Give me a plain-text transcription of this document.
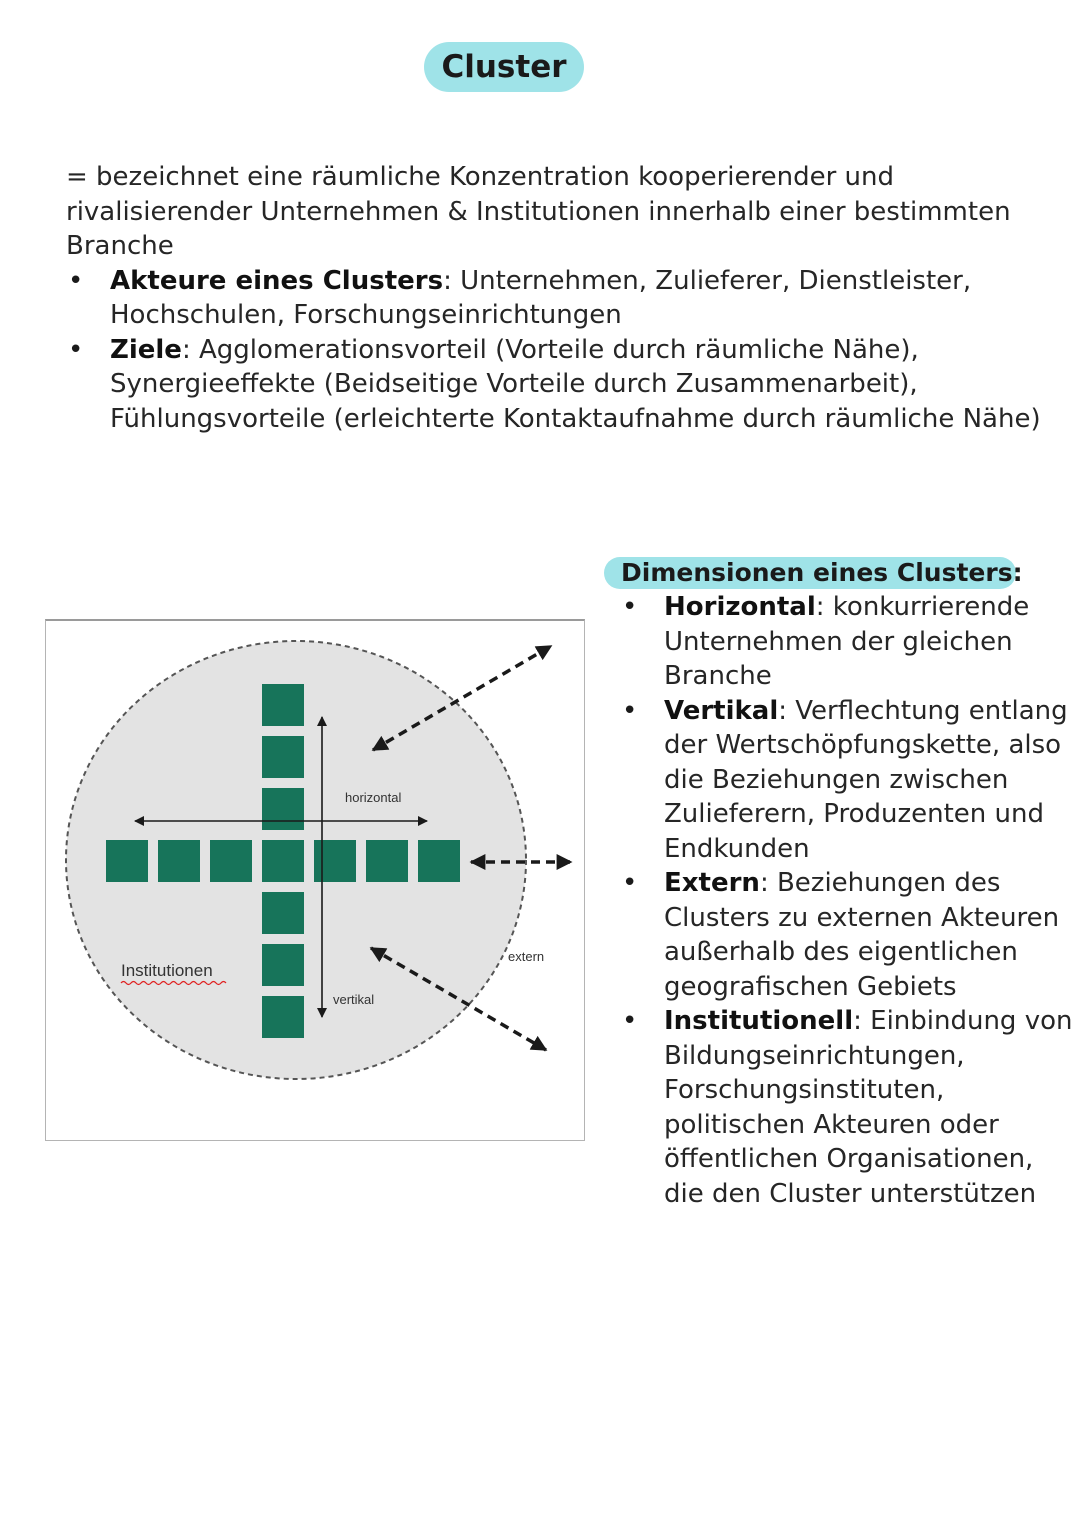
Cluster

= bezeichnet eine räumliche Konzentration kooperierender und rivalisierender Unternehmen & Institutionen innerhalb einer bestimmten Branche

• Akteure eines Clusters: Unternehmen, Zulieferer, Dienstleister, Hochschulen, Forschungseinrichtungen
• Ziele: Agglomerationsvorteil (Vorteile durch räumliche Nähe), Synergieeffekte (Beidseitige Vorteile durch Zusammenarbeit), Fühlungsvorteile (erleichterte Kontaktaufnahme durch räumliche Nähe)
horizontal
vertikal
extern
Institutionen
Dimensionen eines Clusters:
• Horizontal: konkurrierende Unternehmen der gleichen Branche
• Vertikal: Verflechtung entlang der Wertschöpfungskette, also die Beziehungen zwischen Zulieferern, Produzenten und Endkunden
• Extern: Beziehungen des Clusters zu externen Akteuren außerhalb des eigentlichen geografischen Gebiets
• Institutionell: Einbindung von Bildungseinrichtungen, Forschungsinstituten, politischen Akteuren oder öffentlichen Organisationen, die den Cluster unterstützen
